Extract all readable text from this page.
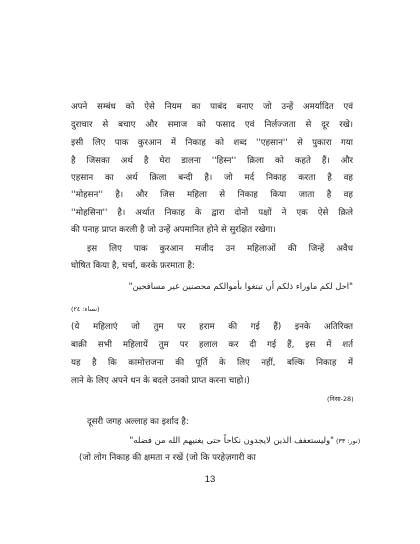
अपने सम्बंध को ऐसे नियम का पाबंद बनाए जो उन्हें अमर्यादित एवं
दुराचार से बचाए और समाज को फसाद एवं निर्लज्जता से दूर रखे।
इसी लिए पाक कुरआन में निकाह को शब्द ''एहसान'' से पुकारा गया
है जिसका अर्थ है घेरा डालना ''हिस्न'' क़िला को कहते हैं। और
एहसान का अर्थ क़िला बन्दी है। जो मर्द निकाह करता है वह
''मोहसन'' है। और जिस महिला से निकाह किया जाता है वह
''मोहसिना'' है। अर्थात निकाह के द्वारा दोनों पक्षों ने एक ऐसे क़िले
की पनाह प्राप्त करली है जो उन्हें अपमानित होने से सुरक्षित रखेगा।
इस लिए पाक कुरआन मजीद उन महिलाओं की जिन्हें अवैध
घोषित किया है, चर्चा, करके फ़रमाता है:
"احل لكم ماوراء ذلكم أن تبتغوا بأموالكم محصنين غير مسافحين"
(نساء: ٢٤)
(ये महिलाएं जो तुम पर हराम की गई हैं) इनके अतिरिक्त
बाक़ी सभी महिलायें तुम पर हलाल कर दी गई हैं, इस में शर्त
यह है कि कामोत्तजना की पूर्ति के लिए नहीं, बल्कि निकाह में
लाने के लिए अपने धन के बदले उनको प्राप्त करना चाहो।)
(निसा-28)
दूसरी जगह अल्लाह का इर्शाद है:
"وليستعفف الذين لايجدون نكاحاً حتى يغنيهم الله من فضله" (نور: ٣٣)
(जो लोग निकाह की क्षमता न रखें (जो कि परहेज़गारी का
13
